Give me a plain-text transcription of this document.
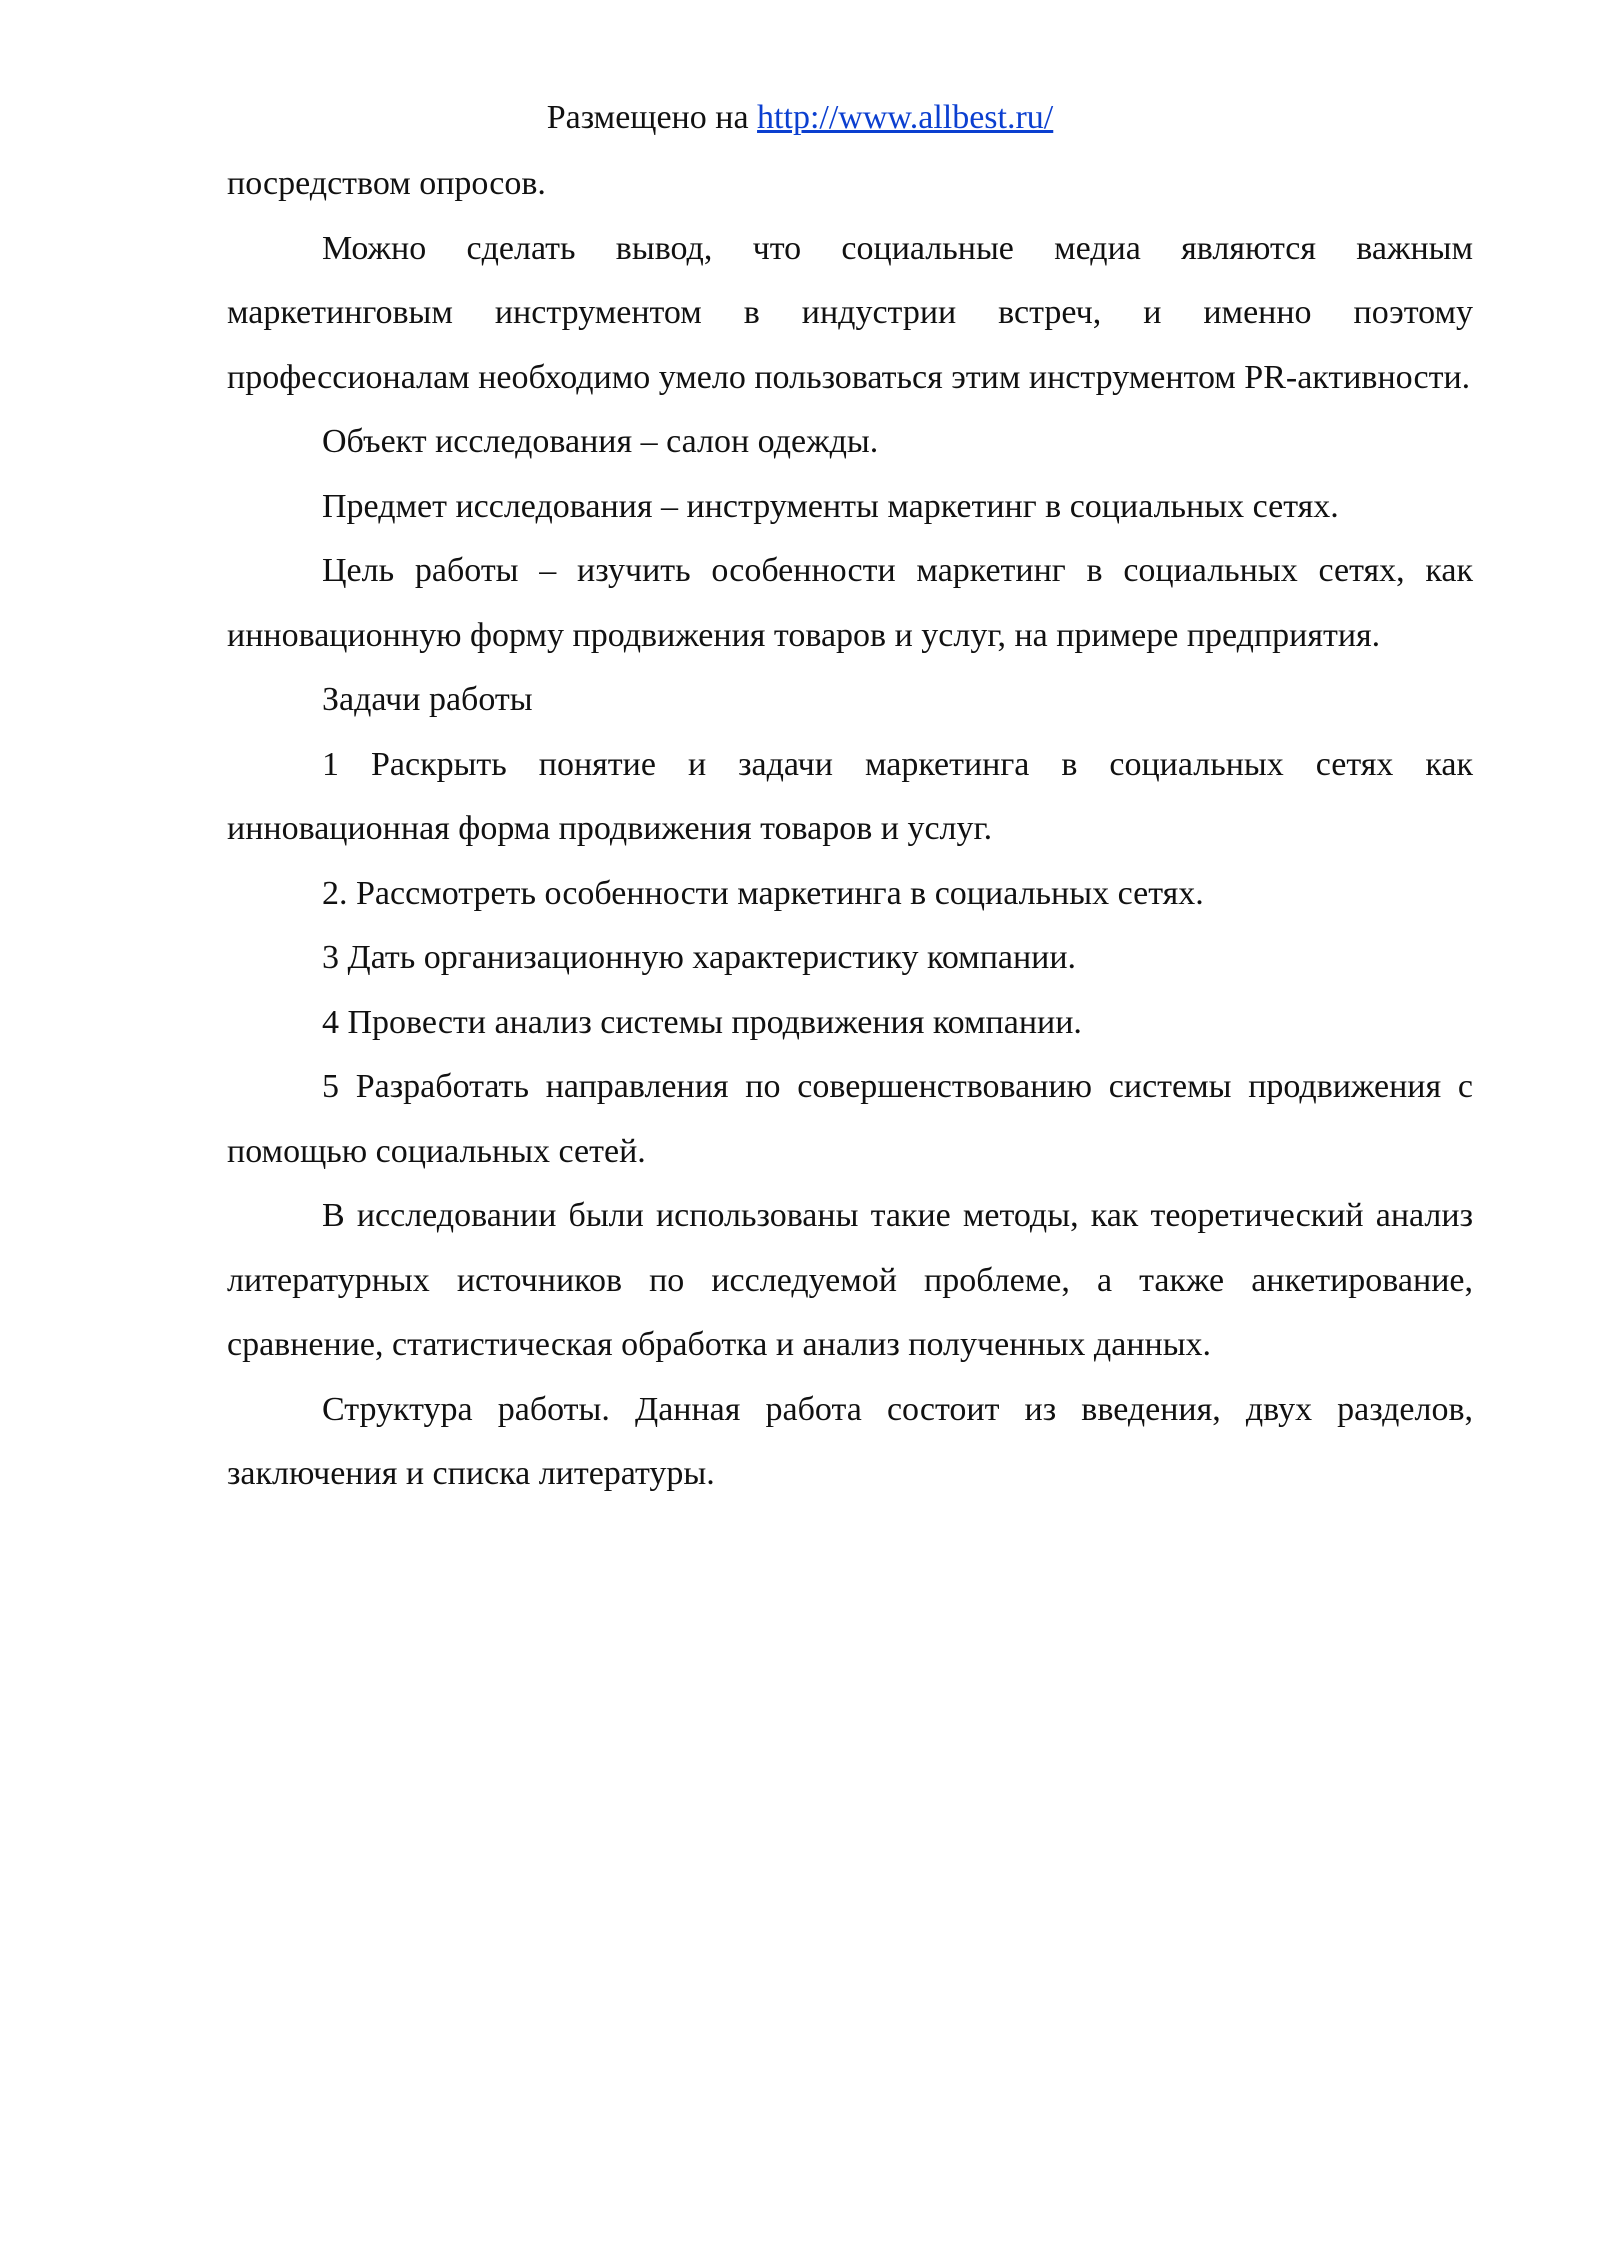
Размещено на http://www.allbest.ru/

посредством опросов.

Можно сделать вывод, что социальные медиа являются важным маркетинговым инструментом в индустрии встреч, и именно поэтому профессионалам необходимо умело пользоваться этим инструментом PR-активности.

Объект исследования – салон одежды.

Предмет исследования – инструменты маркетинг в социальных сетях.

Цель работы – изучить особенности маркетинг в социальных сетях, как инновационную форму продвижения товаров и услуг, на примере предприятия.

Задачи работы

1 Раскрыть понятие и задачи маркетинга в социальных сетях как инновационная форма продвижения товаров и услуг.

2. Рассмотреть особенности маркетинга в социальных сетях.

3 Дать организационную характеристику компании.

4 Провести анализ системы продвижения компании.

5 Разработать направления по совершенствованию системы продвижения с помощью социальных сетей.

В исследовании были использованы такие методы, как теоретический анализ литературных источников по исследуемой проблеме, а также анкетирование, сравнение, статистическая обработка и анализ полученных данных.

Структура работы. Данная работа состоит из введения, двух разделов, заключения и списка литературы.
